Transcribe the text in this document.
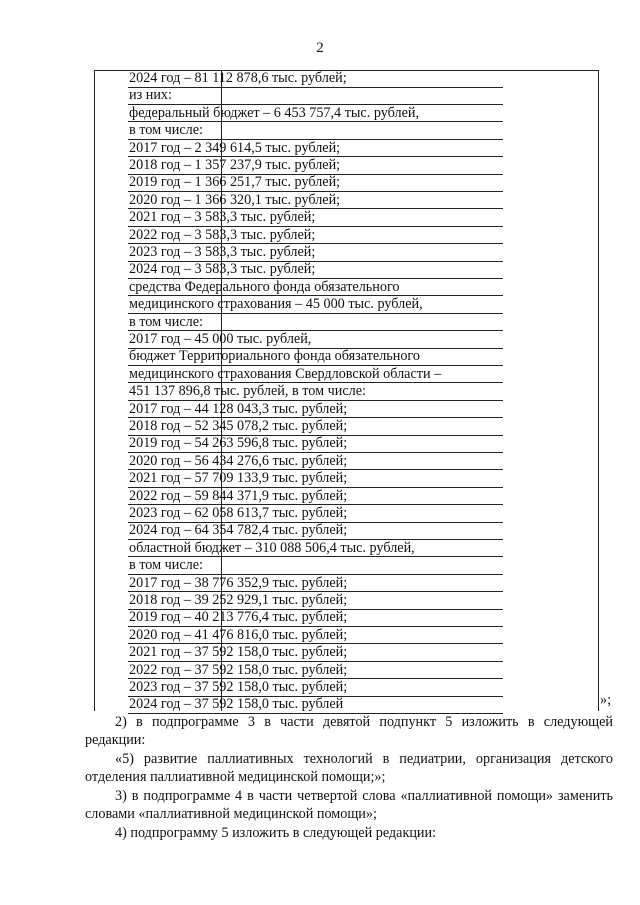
2
2024 год – 81 112 878,6 тыс. рублей;
из них:
федеральный бюджет – 6 453 757,4 тыс. рублей,
в том числе:
2017 год – 2 349 614,5 тыс. рублей;
2018 год – 1 357 237,9 тыс. рублей;
2019 год – 1 366 251,7 тыс. рублей;
2020 год – 1 366 320,1 тыс. рублей;
2021 год – 3 583,3 тыс. рублей;
2022 год – 3 583,3 тыс. рублей;
2023 год – 3 583,3 тыс. рублей;
2024 год – 3 583,3 тыс. рублей;
средства Федерального фонда обязательного
медицинского страхования – 45 000 тыс. рублей,
в том числе:
2017 год – 45 000 тыс. рублей,
бюджет Территориального фонда обязательного
медицинского страхования Свердловской области –
451 137 896,8 тыс. рублей, в том числе:
2017 год – 44 128 043,3 тыс. рублей;
2018 год – 52 345 078,2 тыс. рублей;
2019 год – 54 263 596,8 тыс. рублей;
2020 год – 56 434 276,6 тыс. рублей;
2021 год – 57 709 133,9 тыс. рублей;
2022 год – 59 844 371,9 тыс. рублей;
2023 год – 62 058 613,7 тыс. рублей;
2024 год – 64 354 782,4 тыс. рублей;
областной бюджет – 310 088 506,4 тыс. рублей,
в том числе:
2017 год – 38 776 352,9 тыс. рублей;
2018 год – 39 252 929,1 тыс. рублей;
2019 год – 40 213 776,4 тыс. рублей;
2020 год – 41 476 816,0 тыс. рублей;
2021 год – 37 592 158,0 тыс. рублей;
2022 год – 37 592 158,0 тыс. рублей;
2023 год – 37 592 158,0 тыс. рублей;
2024 год – 37 592 158,0 тыс. рублей	»;
2) в подпрограмме 3 в части девятой подпункт 5 изложить в следующей редакции:
«5) развитие паллиативных технологий в педиатрии, организация детского отделения паллиативной медицинской помощи;»;
3) в подпрограмме 4 в части четвертой слова «паллиативной помощи» заменить словами «паллиативной медицинской помощи»;
4) подпрограмму 5 изложить в следующей редакции:
